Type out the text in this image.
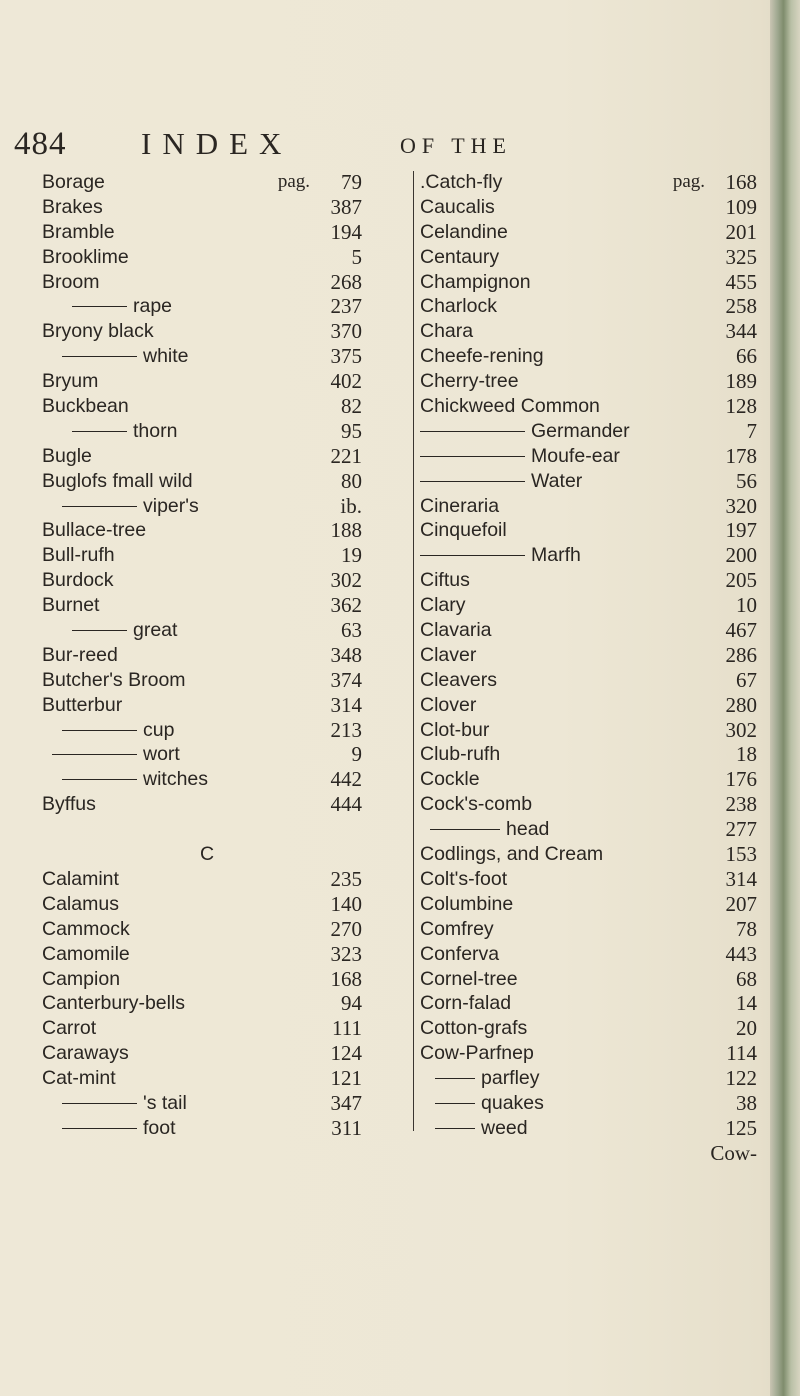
484 INDEX	OF THE
Borage	pag. 79
Brakes	387
Bramble	194
Brooklime	5
Broom	268
rape	237
Bryony black	370
white	375
Bryum	402
Buckbean	82
thorn	95
Bugle	221
Buglofs fmall wild	80
viper's	ib.
Bullace-tree	188
Bull-rufh	19
Burdock	302
Burnet	362
great	63
Bur-reed	348
Butcher's Broom	374
Butterbur	314
cup	213
wort	9
witches	442
Byffus	444
C
Calamint	235
Calamus	140
Cammock	270
Camomile	323
Campion	168
Canterbury-bells	94
Carrot	111
Caraways	124
Cat-mint	121
's tail	347
foot	311
.Catch-fly	pag. 168
Caucalis	109
Celandine	201
Centaury	325
Champignon	455
Charlock	258
Chara	344
Cheefe-rening	66
Cherry-tree	189
Chickweed Common	128
Germander	7
Moufe-ear	178
Water	56
Cineraria	320
Cinquefoil	197
Marfh	200
Ciftus	205
Clary	10
Clavaria	467
Claver	286
Cleavers	67
Clover	280
Clot-bur	302
Club-rufh	18
Cockle	176
Cock's-comb	238
head	277
Codlings, and Cream	153
Colt's-foot	314
Columbine	207
Comfrey	78
Conferva	443
Cornel-tree	68
Corn-falad	14
Cotton-grafs	20
Cow-Parfnep	114
parfley	122
quakes	38
weed	125
Cow-
